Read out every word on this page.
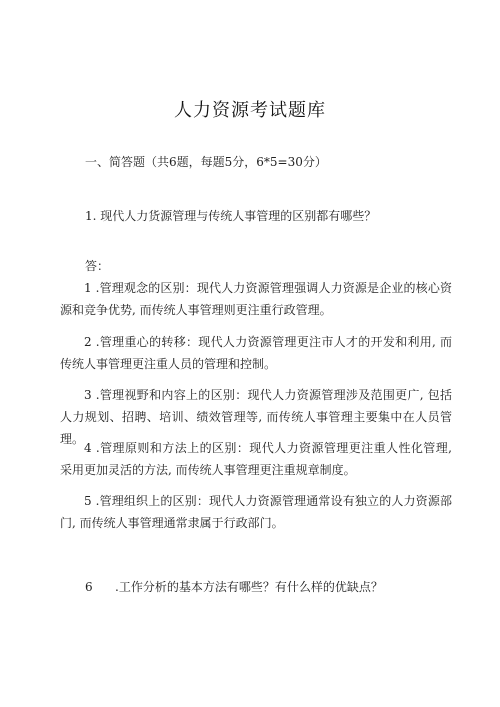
人力资源考试题库
一、简答题（共6题，每题5分，6*5=30分）
1. 现代人力货源管理与传统人事管理的区别都有哪些？
答：
1 .管理观念的区别：现代人力资源管理强调人力资源是企业的核心资源和竞争优势, 而传统人事管理则更注重行政管理。
2 .管理重心的转移：现代人力资源管理更注市人才的开发和利用, 而传统人事管理更注重人员的管理和控制。
3 .管理视野和内容上的区别：现代人力资源管理涉及范围更广, 包括人力规划、招聘、培训、绩效管理等, 而传统人事管理主要集中在人员管理。
4 .管理原则和方法上的区别：现代人力资源管理更注重人性化管理, 采用更加灵活的方法, 而传统人事管理更注重规章制度。
5 .管理组织上的区别：现代人力资源管理通常设有独立的人力资源部门, 而传统人事管理通常隶属于行政部门。
6 .工作分析的基本方法有哪些？有什么样的优缺点？
